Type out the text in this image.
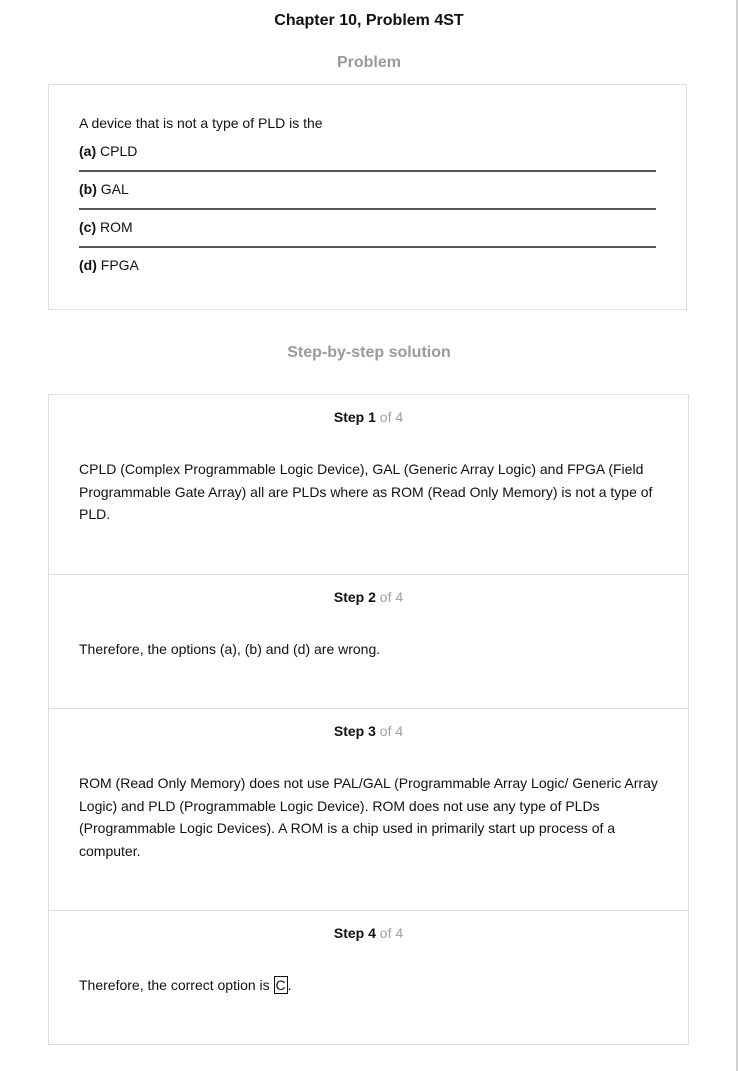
Chapter 10, Problem 4ST
Problem
A device that is not a type of PLD is the
(a) CPLD
(b) GAL
(c) ROM
(d) FPGA
Step-by-step solution
Step 1 of 4
CPLD (Complex Programmable Logic Device), GAL (Generic Array Logic) and FPGA (Field Programmable Gate Array) all are PLDs where as ROM (Read Only Memory) is not a type of PLD.
Step 2 of 4
Therefore, the options (a), (b) and (d) are wrong.
Step 3 of 4
ROM (Read Only Memory) does not use PAL/GAL (Programmable Array Logic/ Generic Array Logic) and PLD (Programmable Logic Device). ROM does not use any type of PLDs (Programmable Logic Devices). A ROM is a chip used in primarily start up process of a computer.
Step 4 of 4
Therefore, the correct option is C .
